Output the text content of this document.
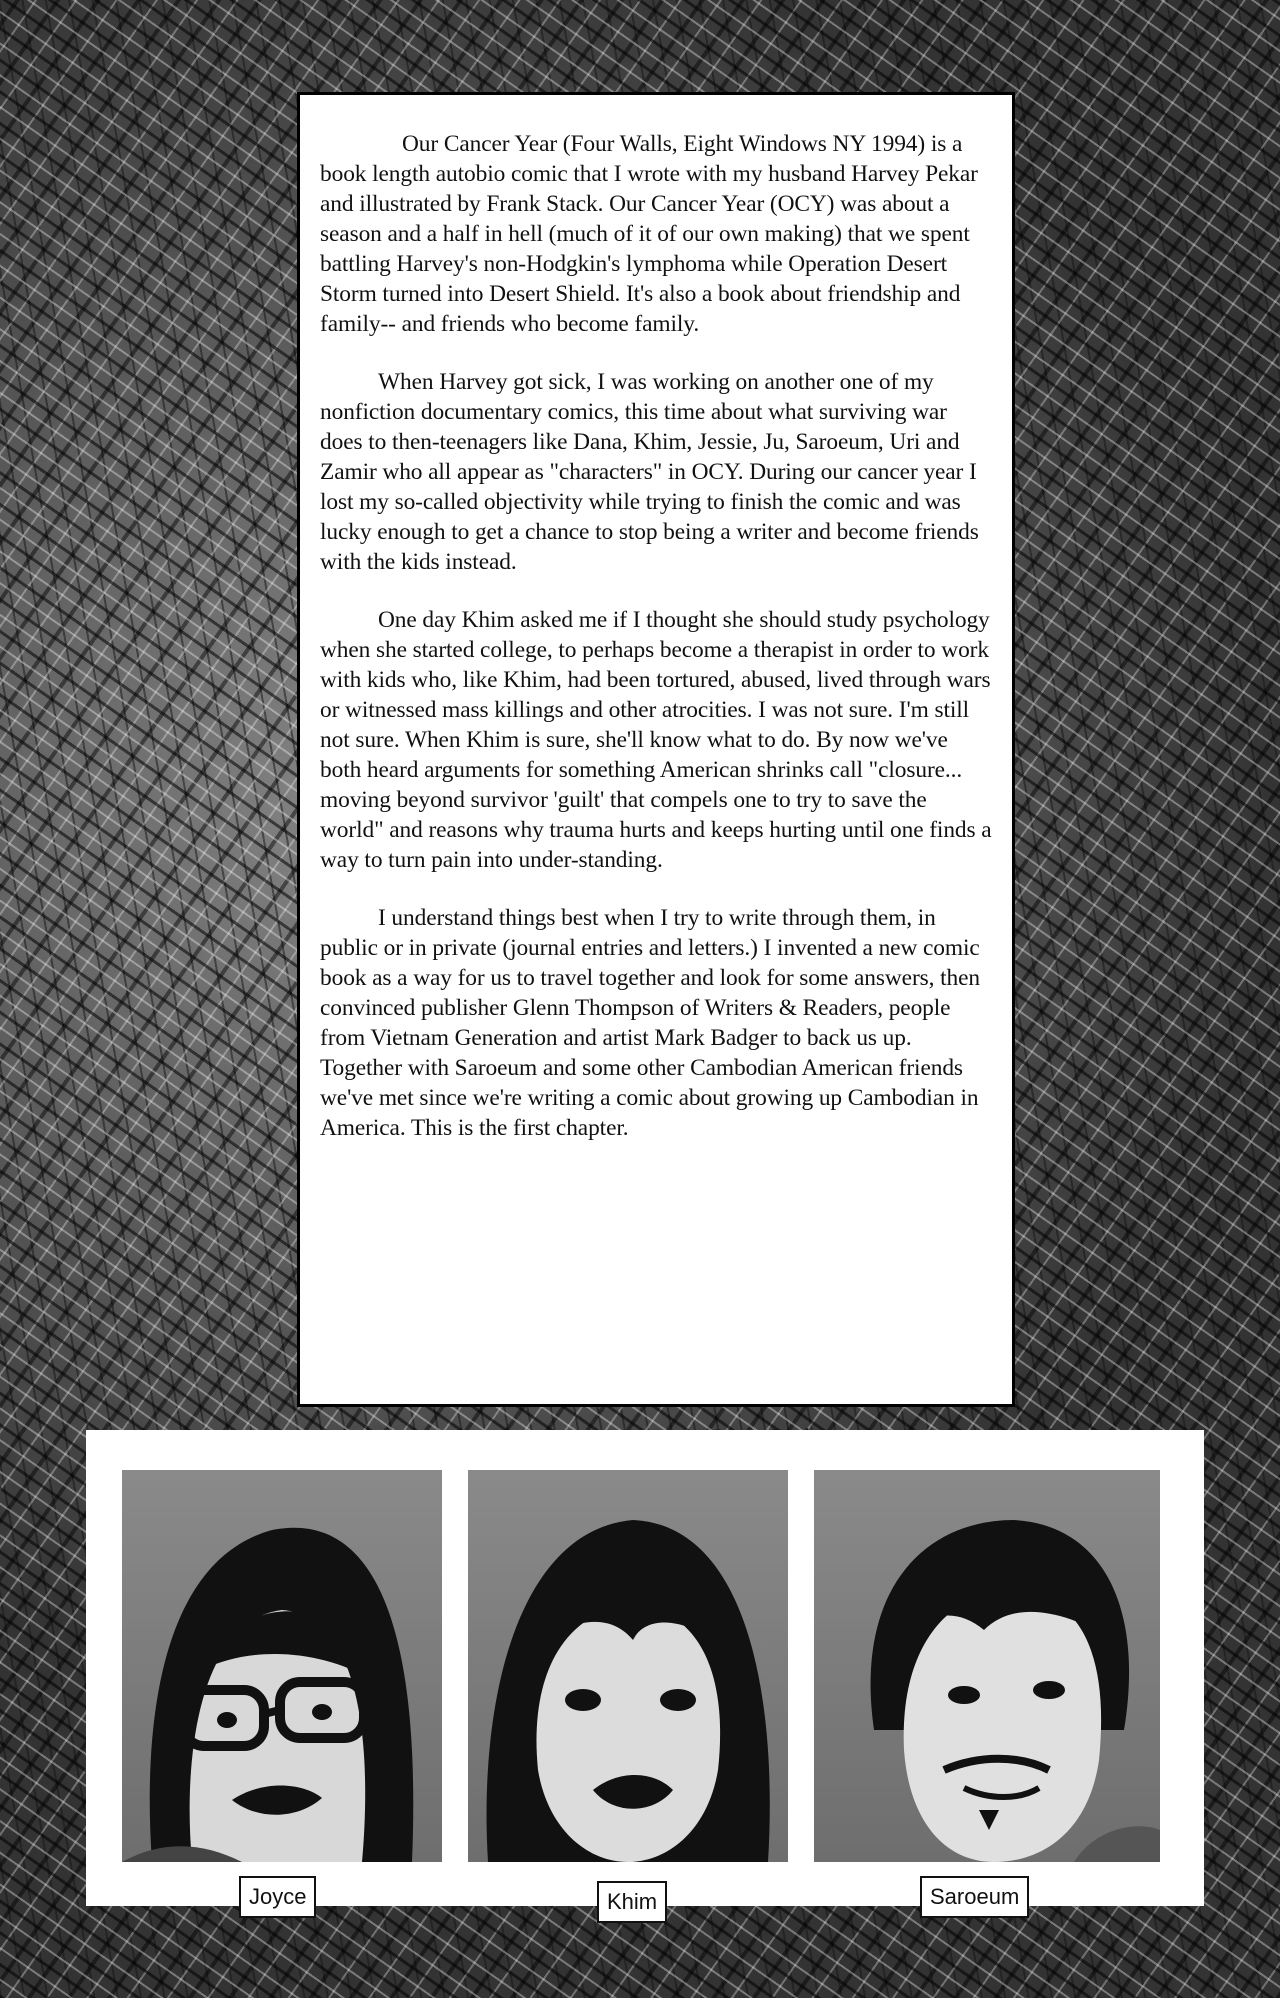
Our Cancer Year (Four Walls, Eight Windows NY 1994) is a book length autobio comic that I wrote with my husband Harvey Pekar and illustrated by Frank Stack. Our Cancer Year (OCY) was about a season and a half in hell (much of it of our own making) that we spent battling Harvey's non-Hodgkin's lymphoma while Operation Desert Storm turned into Desert Shield. It's also a book about friendship and family-- and friends who become family.

When Harvey got sick, I was working on another one of my nonfiction documentary comics, this time about what surviving war does to then-teenagers like Dana, Khim, Jessie, Ju, Saroeum, Uri and Zamir who all appear as "characters" in OCY. During our cancer year I lost my so-called objectivity while trying to finish the comic and was lucky enough to get a chance to stop being a writer and become friends with the kids instead.

One day Khim asked me if I thought she should study psychology when she started college, to perhaps become a therapist in order to work with kids who, like Khim, had been tortured, abused, lived through wars or witnessed mass killings and other atrocities. I was not sure. I'm still not sure. When Khim is sure, she'll know what to do. By now we've both heard arguments for something American shrinks call "closure... moving beyond survivor 'guilt' that compels one to try to save the world" and reasons why trauma hurts and keeps hurting until one finds a way to turn pain into under-standing.

I understand things best when I try to write through them, in public or in private (journal entries and letters.) I invented a new comic book as a way for us to travel together and look for some answers, then convinced publisher Glenn Thompson of Writers & Readers, people from Vietnam Generation and artist Mark Badger to back us up. Together with Saroeum and some other Cambodian American friends we've met since we're writing a comic about growing up Cambodian in America. This is the first chapter.

Joyce	Khim	Saroeum
